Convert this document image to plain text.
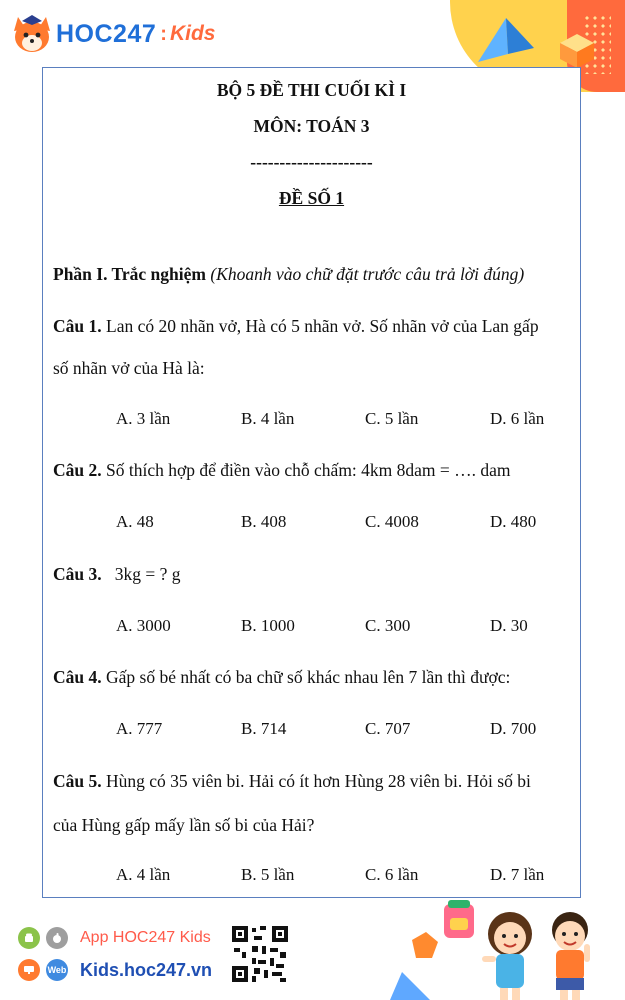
HOC247 : Kids
BỘ 5 ĐỀ THI CUỐI KÌ I
MÔN: TOÁN 3
---------------------
ĐỀ SỐ 1
Phần I. Trắc nghiệm (Khoanh vào chữ đặt trước câu trả lời đúng)
Câu 1. Lan có 20 nhãn vở, Hà có 5 nhãn vở. Số nhãn vở của Lan gấp
số nhãn vở của Hà là:
A. 3 lần	B. 4 lần	C. 5 lần	D. 6 lần
Câu 2. Số thích hợp để điền vào chỗ chấm: 4km 8dam = …. dam
A. 48	B. 408	C. 4008	D. 480
Câu 3.   3kg = ? g
A. 3000	B. 1000	C. 300	D. 30
Câu 4. Gấp số bé nhất có ba chữ số khác nhau lên 7 lần thì được:
A. 777	B. 714	C. 707	D. 700
Câu 5. Hùng có 35 viên bi. Hải có ít hơn Hùng 28 viên bi. Hỏi số bi
của Hùng gấp mấy lần số bi của Hải?
A. 4 lần	B. 5 lần	C. 6 lần	D. 7 lần
App HOC247 Kids
Web Kids.hoc247.vn
